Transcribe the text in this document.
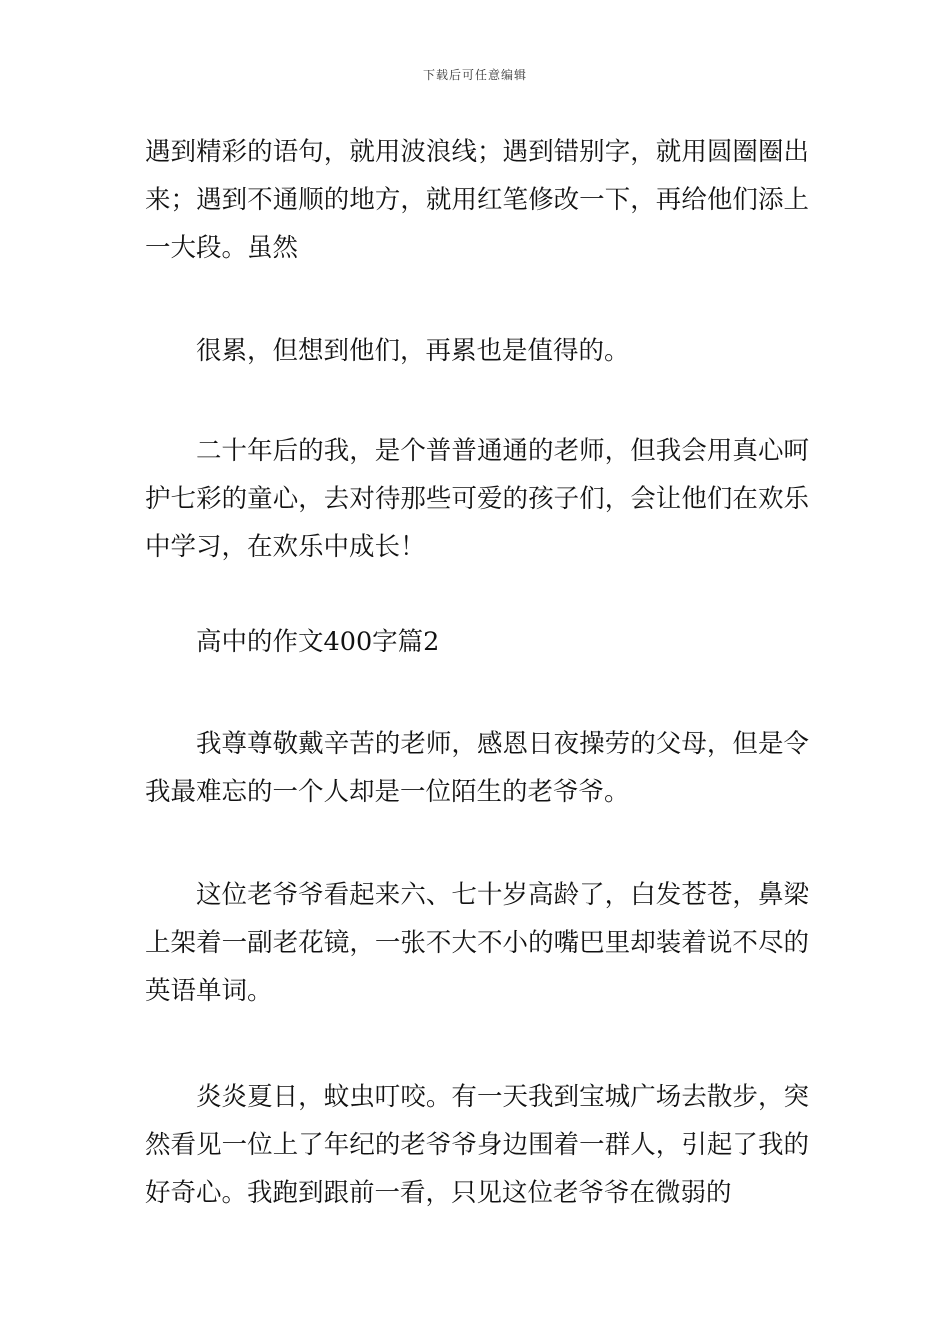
下载后可任意编辑

遇到精彩的语句，就用波浪线；遇到错别字，就用圆圈圈出来；遇到不通顺的地方，就用红笔修改一下，再给他们添上一大段。虽然

很累，但想到他们，再累也是值得的。

二十年后的我，是个普普通通的老师，但我会用真心呵护七彩的童心，去对待那些可爱的孩子们，会让他们在欢乐中学习，在欢乐中成长！

高中的作文400字篇2

我尊尊敬戴辛苦的老师，感恩日夜操劳的父母，但是令我最难忘的一个人却是一位陌生的老爷爷。

这位老爷爷看起来六、七十岁高龄了，白发苍苍，鼻梁上架着一副老花镜，一张不大不小的嘴巴里却装着说不尽的英语单词。

炎炎夏日，蚊虫叮咬。有一天我到宝城广场去散步，突然看见一位上了年纪的老爷爷身边围着一群人，引起了我的好奇心。我跑到跟前一看，只见这位老爷爷在微弱的
